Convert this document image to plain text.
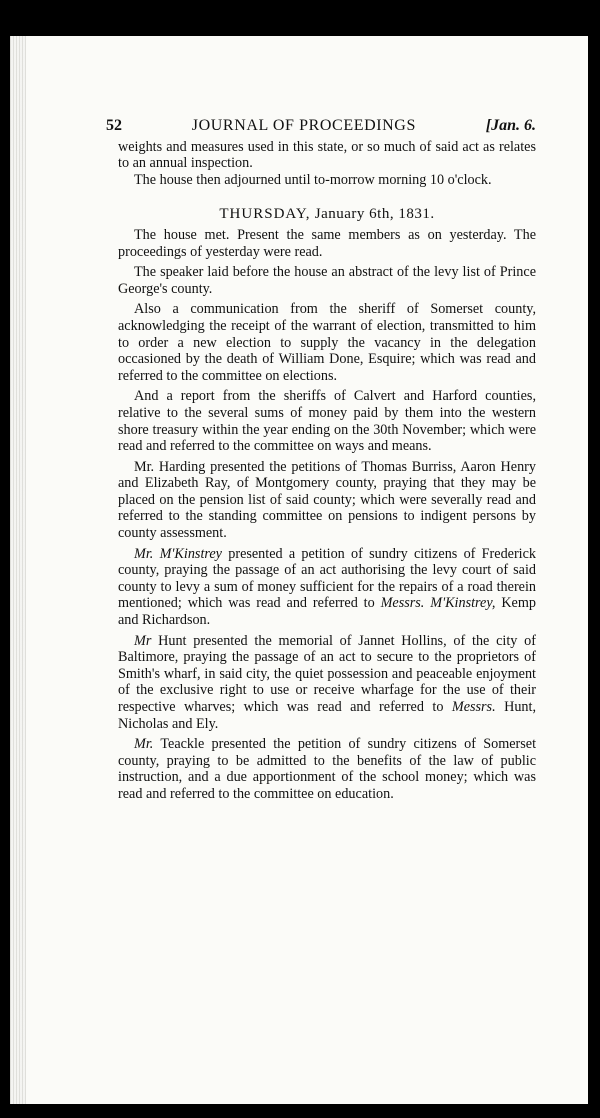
52	JOURNAL OF PROCEEDINGS	[Jan. 6.

weights and measures used in this state, or so much of said act as relates to an annual inspection.

The house then adjourned until to-morrow morning 10 o'clock.

THURSDAY, January 6th, 1831.

The house met. Present the same members as on yesterday. The proceedings of yesterday were read.

The speaker laid before the house an abstract of the levy list of Prince George's county.

Also a communication from the sheriff of Somerset county, acknowledging the receipt of the warrant of election, transmitted to him to order a new election to supply the vacancy in the delegation occasioned by the death of William Done, Esquire; which was read and referred to the committee on elections.

And a report from the sheriffs of Calvert and Harford counties, relative to the several sums of money paid by them into the western shore treasury within the year ending on the 30th November; which were read and referred to the committee on ways and means.

Mr. Harding presented the petitions of Thomas Burriss, Aaron Henry and Elizabeth Ray, of Montgomery county, praying that they may be placed on the pension list of said county; which were severally read and referred to the standing committee on pensions to indigent persons by county assessment.

Mr. M'Kinstrey presented a petition of sundry citizens of Frederick county, praying the passage of an act authorising the levy court of said county to levy a sum of money sufficient for the repairs of a road therein mentioned; which was read and referred to Messrs. M'Kinstrey, Kemp and Richardson.

Mr Hunt presented the memorial of Jannet Hollins, of the city of Baltimore, praying the passage of an act to secure to the proprietors of Smith's wharf, in said city, the quiet possession and peaceable enjoyment of the exclusive right to use or receive wharfage for the use of their respective wharves; which was read and referred to Messrs. Hunt, Nicholas and Ely.

Mr. Teackle presented the petition of sundry citizens of Somerset county, praying to be admitted to the benefits of the law of public instruction, and a due apportionment of the school money; which was read and referred to the committee on education.
